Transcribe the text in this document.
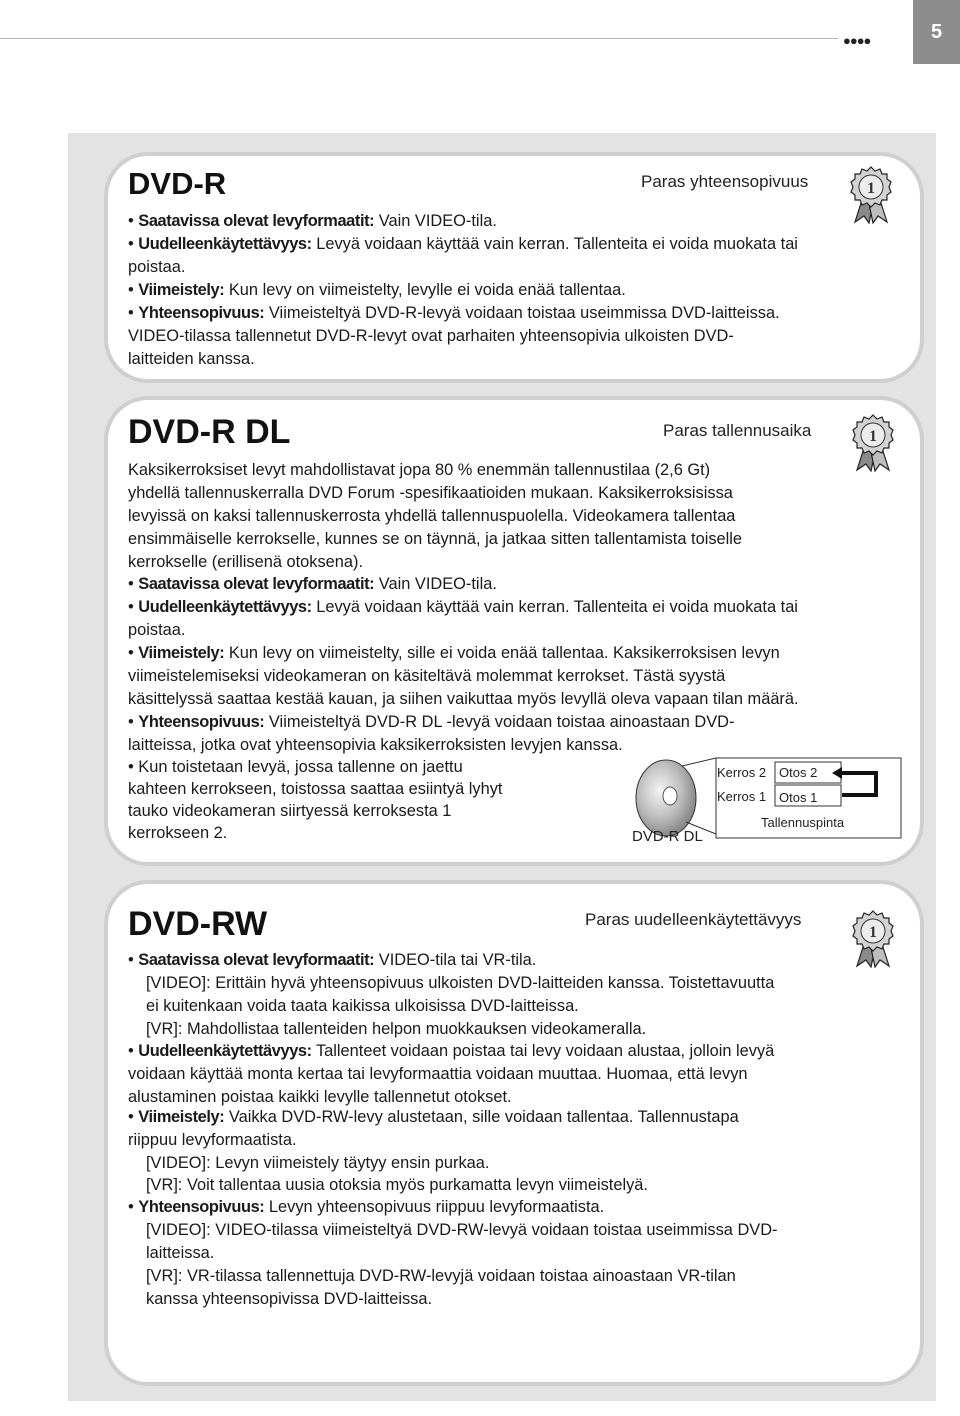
●●●●	5
DVD-R	Paras yhteensopivuus	1
• Saatavissa olevat levyformaatit: Vain VIDEO-tila.
• Uudelleenkäytettävyys: Levyä voidaan käyttää vain kerran. Tallenteita ei voida muokata tai
poistaa.
• Viimeistely: Kun levy on viimeistelty, levylle ei voida enää tallentaa.
• Yhteensopivuus: Viimeisteltyä DVD-R-levyä voidaan toistaa useimmissa DVD-laitteissa.
VIDEO-tilassa tallennetut DVD-R-levyt ovat parhaiten yhteensopivia ulkoisten DVD-
laitteiden kanssa.
DVD-R DL	Paras tallennusaika	1
Kaksikerroksiset levyt mahdollistavat jopa 80 % enemmän tallennustilaa (2,6 Gt)
yhdellä tallennuskerralla DVD Forum -spesifikaatioiden mukaan. Kaksikerroksisissa
levyissä on kaksi tallennuskerrosta yhdellä tallennuspuolella. Videokamera tallentaa
ensimmäiselle kerrokselle, kunnes se on täynnä, ja jatkaa sitten tallentamista toiselle
kerrokselle (erillisenä otoksena).
• Saatavissa olevat levyformaatit: Vain VIDEO-tila.
• Uudelleenkäytettävyys: Levyä voidaan käyttää vain kerran. Tallenteita ei voida muokata tai
poistaa.
• Viimeistely: Kun levy on viimeistelty, sille ei voida enää tallentaa. Kaksikerroksisen levyn
viimeistelemiseksi videokameran on käsiteltävä molemmat kerrokset. Tästä syystä
käsittelyssä saattaa kestää kauan, ja siihen vaikuttaa myös levyllä oleva vapaan tilan määrä.
• Yhteensopivuus: Viimeisteltyä DVD-R DL -levyä voidaan toistaa ainoastaan DVD-
laitteissa, jotka ovat yhteensopivia kaksikerroksisten levyjen kanssa.
• Kun toistetaan levyä, jossa tallenne on jaettu
kahteen kerrokseen, toistossa saattaa esiintyä lyhyt
tauko videokameran siirtyessä kerroksesta 1
kerrokseen 2.
Kerros 2 Otos 2
Kerros 1 Otos 1
Tallennuspinta
DVD-R DL
DVD-RW	Paras uudelleenkäytettävyys
1
• Saatavissa olevat levyformaatit: VIDEO-tila tai VR-tila.
[VIDEO]: Erittäin hyvä yhteensopivuus ulkoisten DVD-laitteiden kanssa. Toistettavuutta
ei kuitenkaan voida taata kaikissa ulkoisissa DVD-laitteissa.
[VR]: Mahdollistaa tallenteiden helpon muokkauksen videokameralla.
• Uudelleenkäytettävyys: Tallenteet voidaan poistaa tai levy voidaan alustaa, jolloin levyä
voidaan käyttää monta kertaa tai levyformaattia voidaan muuttaa. Huomaa, että levyn
alustaminen poistaa kaikki levylle tallennetut otokset.
• Viimeistely: Vaikka DVD-RW-levy alustetaan, sille voidaan tallentaa. Tallennustapa
riippuu levyformaatista.
[VIDEO]: Levyn viimeistely täytyy ensin purkaa.
[VR]: Voit tallentaa uusia otoksia myös purkamatta levyn viimeistelyä.
• Yhteensopivuus: Levyn yhteensopivuus riippuu levyformaatista.
[VIDEO]: VIDEO-tilassa viimeisteltyä DVD-RW-levyä voidaan toistaa useimmissa DVD-
laitteissa.
[VR]: VR-tilassa tallennettuja DVD-RW-levyjä voidaan toistaa ainoastaan VR-tilan
kanssa yhteensopivissa DVD-laitteissa.
